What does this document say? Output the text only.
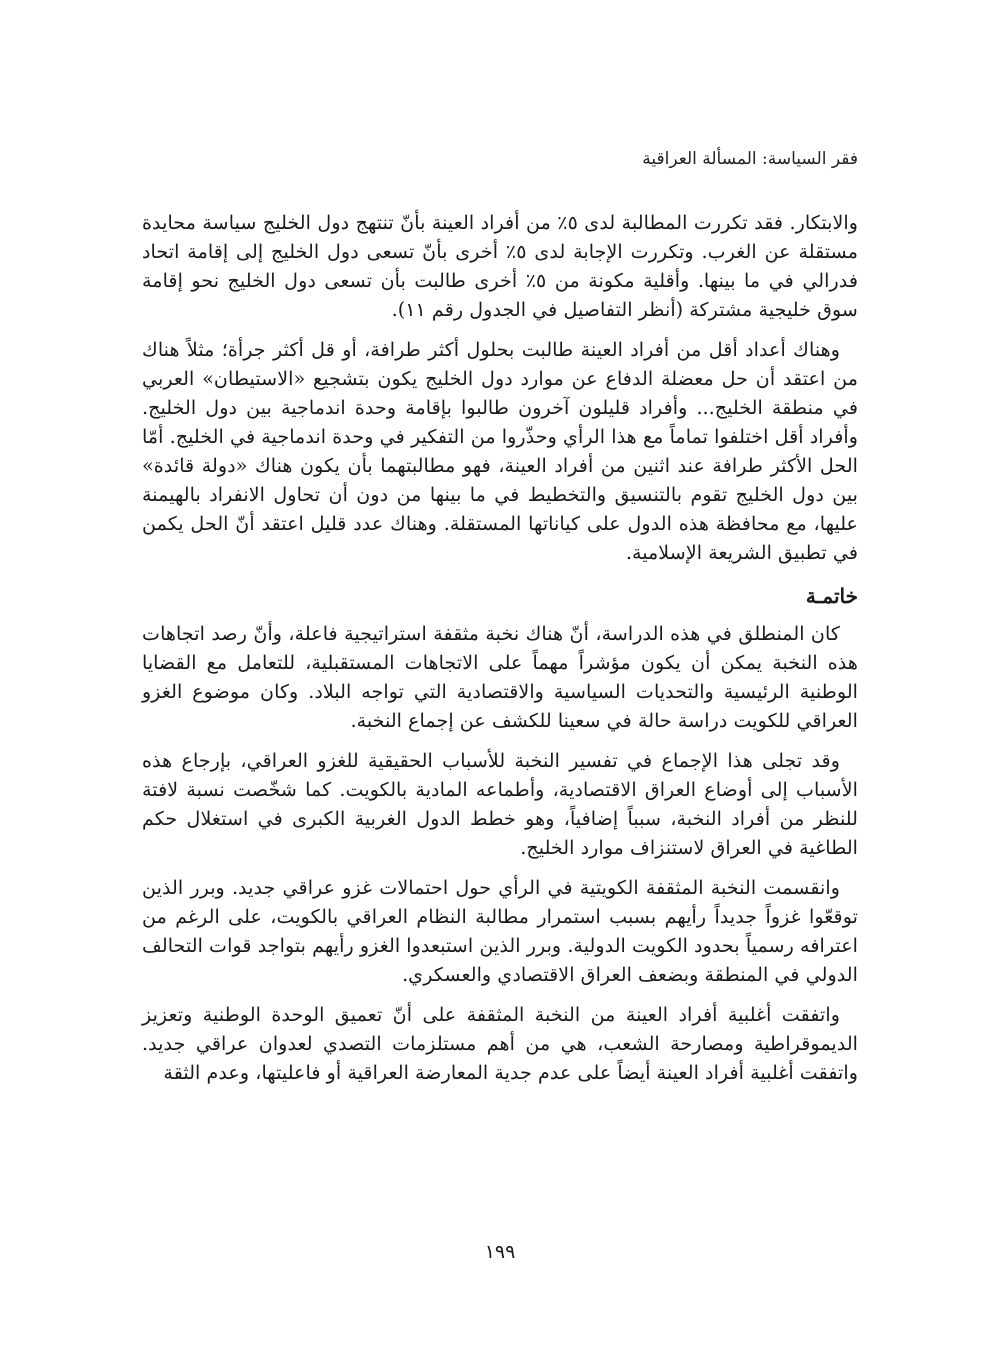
فقر السياسة: المسألة العراقية

والابتكار. فقد تكررت المطالبة لدى ٥٪ من أفراد العينة بأنّ تنتهج دول الخليج سياسة محايدة مستقلة عن الغرب. وتكررت الإجابة لدى ٥٪ أخرى بأنّ تسعى دول الخليج إلى إقامة اتحاد فدرالي في ما بينها. وأقلية مكونة من ٥٪ أخرى طالبت بأن تسعى دول الخليج نحو إقامة سوق خليجية مشتركة (أنظر التفاصيل في الجدول رقم ١١).

وهناك أعداد أقل من أفراد العينة طالبت بحلول أكثر طرافة، أو قل أكثر جرأة؛ مثلاً هناك من اعتقد أن حل معضلة الدفاع عن موارد دول الخليج يكون بتشجيع «الاستيطان» العربي في منطقة الخليج... وأفراد قليلون آخرون طالبوا بإقامة وحدة اندماجية بين دول الخليج. وأفراد أقل اختلفوا تماماً مع هذا الرأي وحذّروا من التفكير في وحدة اندماجية في الخليج. أمّا الحل الأكثر طرافة عند اثنين من أفراد العينة، فهو مطالبتهما بأن يكون هناك «دولة قائدة» بين دول الخليج تقوم بالتنسيق والتخطيط في ما بينها من دون أن تحاول الانفراد بالهيمنة عليها، مع محافظة هذه الدول على كياناتها المستقلة. وهناك عدد قليل اعتقد أنّ الحل يكمن في تطبيق الشريعة الإسلامية.

خاتمـة

كان المنطلق في هذه الدراسة، أنّ هناك نخبة مثقفة استراتيجية فاعلة، وأنّ رصد اتجاهات هذه النخبة يمكن أن يكون مؤشراً مهماً على الاتجاهات المستقبلية، للتعامل مع القضايا الوطنية الرئيسية والتحديات السياسية والاقتصادية التي تواجه البلاد. وكان موضوع الغزو العراقي للكويت دراسة حالة في سعينا للكشف عن إجماع النخبة.

وقد تجلى هذا الإجماع في تفسير النخبة للأسباب الحقيقية للغزو العراقي، بإرجاع هذه الأسباب إلى أوضاع العراق الاقتصادية، وأطماعه المادية بالكويت. كما شخّصت نسبة لافتة للنظر من أفراد النخبة، سبباً إضافياً، وهو خطط الدول الغربية الكبرى في استغلال حكم الطاغية في العراق لاستنزاف موارد الخليج.

وانقسمت النخبة المثقفة الكويتية في الرأي حول احتمالات غزو عراقي جديد. وبرر الذين توقعّوا غزواً جديداً رأيهم بسبب استمرار مطالبة النظام العراقي بالكويت، على الرغم من اعترافه رسمياً بحدود الكويت الدولية. وبرر الذين استبعدوا الغزو رأيهم بتواجد قوات التحالف الدولي في المنطقة وبضعف العراق الاقتصادي والعسكري.

واتفقت أغلبية أفراد العينة من النخبة المثقفة على أنّ تعميق الوحدة الوطنية وتعزيز الديموقراطية ومصارحة الشعب، هي من أهم مستلزمات التصدي لعدوان عراقي جديد. واتفقت أغلبية أفراد العينة أيضاً على عدم جدية المعارضة العراقية أو فاعليتها، وعدم الثقة

١٩٩
